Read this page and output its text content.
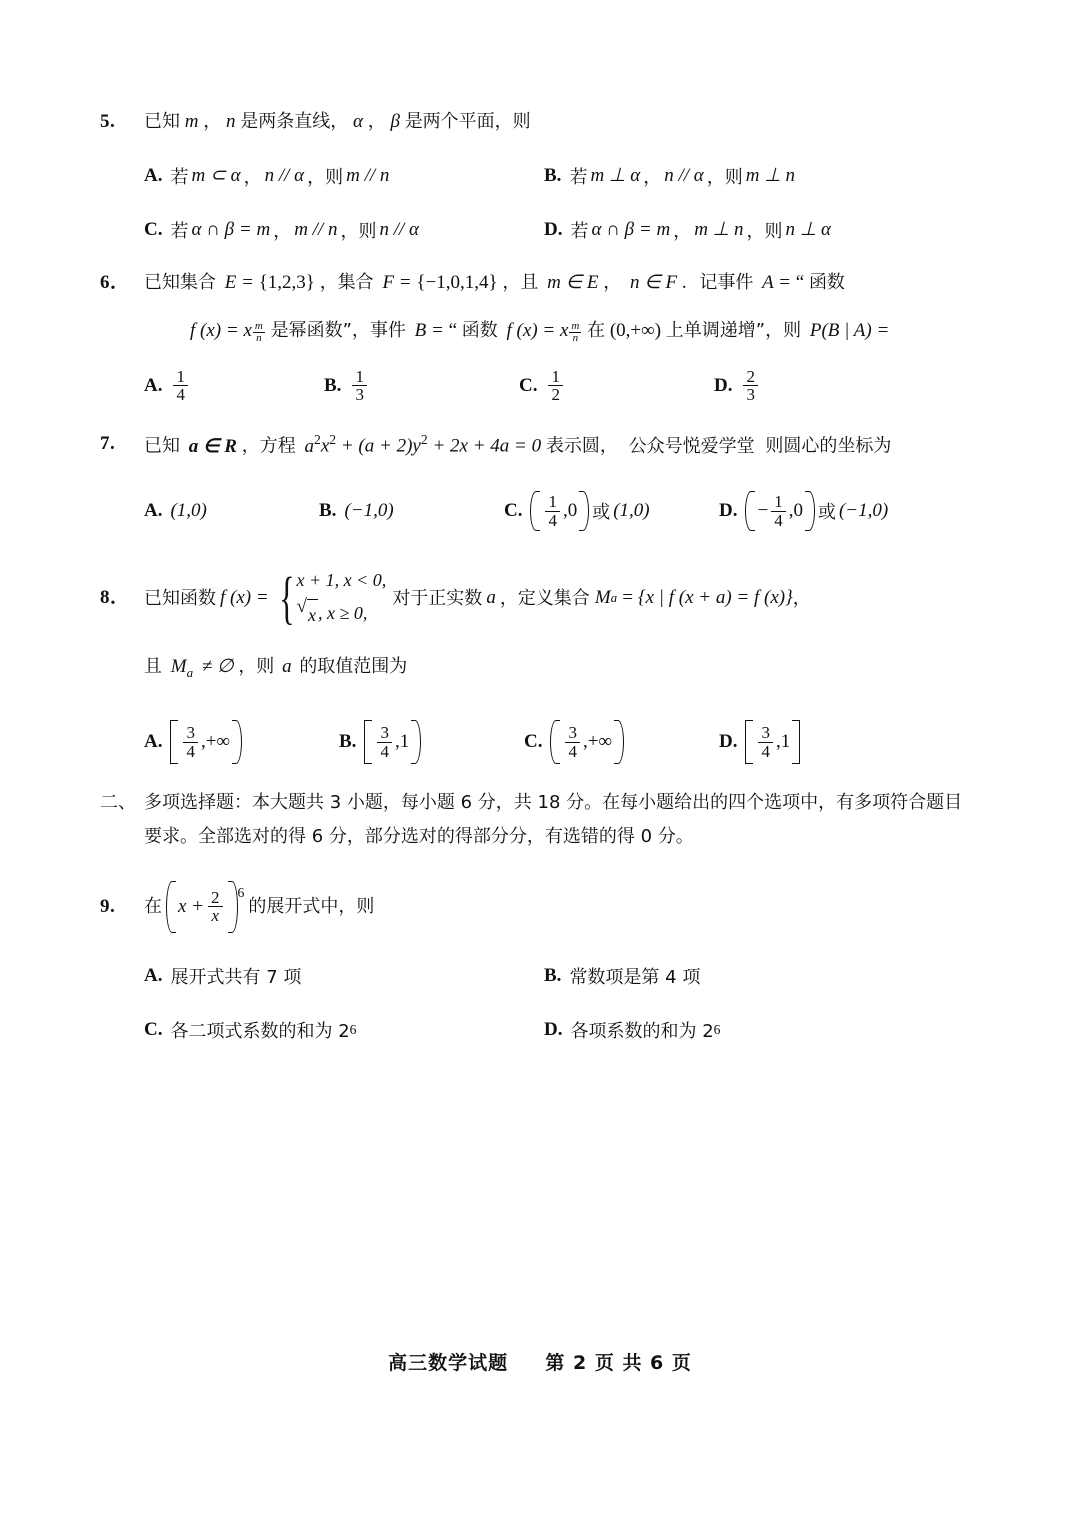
5.	已知 m ， n 是两条直线， α ， β 是两个平面，则
A. 若 m ⊂ α ， n // α ， 则 m // n	B. 若 m ⊥ α ， n // α ， 则 m ⊥ n
C. 若 α ∩ β = m ， m // n ， 则 n // α	D. 若 α ∩ β = m ， m ⊥ n ， 则 n ⊥ α
6． 已知集合 E = {1,2,3} ，集合 F = {−1,0,1,4} ，且 m ∈ E ， n ∈ F . 记事件 A = “ 函数
f (x) = x $\frac{m}{n}$ 是幂函数”，事件 B = “ 函数 f (x) = x $\frac{m}{n}$ 在 (0,+∞) 上单调递增”，则 P(B | A) =
A. $\frac{1}{4}$	B. $\frac{1}{3}$	C. $\frac{1}{2}$	D. $\frac{2}{3}$
7.	已知 a ∈ R ，方程 $a^2x^2 + (a + 2)y^2 + 2x + 4a = 0$ 表示圆， 公众号悦爱学堂 则圆心的坐标为
A. (1,0)	B. (−1,0)	C. $\frac{1}{4} ,0$ 或 (1,0)	D. − $\frac{1}{4} ,0$ 或 (−1,0)
8． 已知函数 f (x) = { x + 1, x < 0,
√ x , x ≥ 0,
对于正实数 a ，定义集合 M a = {x | f (x + a) = f (x)} ，
且 $M_a$ ≠ ∅ ，则 a 的取值范围为
A. $\frac{3}{4}$ ,+∞	B. $\frac{3}{4} ,1$	C. $\frac{3}{4}$ ,+∞	D. $\frac{3}{4} ,1$
二、 多项选择题：本大题共 3 小题，每小题 6 分，共 18 分。在每小题给出的四个选项中，有多项符合题目要求。全部选对的得 6 分，部分选对的得部分分，有选错的得 0 分。
9.	在 $x + \frac{2}{x} 6$
的展开式中，则
A. 展开式共有 7 项	B. 常数项是第 4 项
C. 各二项式系数的和为 2 6	D. 各项系数的和为 2 6
高三数学试题 第 2 页 共 6 页
